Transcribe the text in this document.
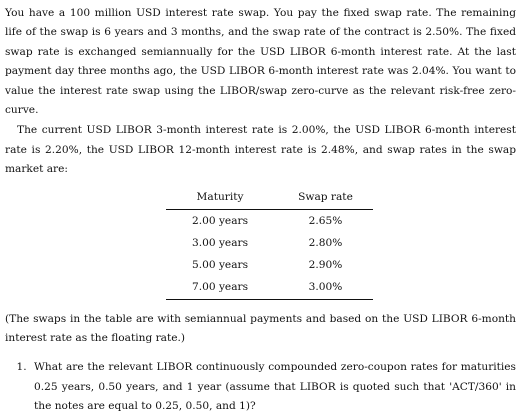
You have a 100 million USD interest rate swap. You pay the fixed swap rate. The remaining life of the swap is 6 years and 3 months, and the swap rate of the contract is 2.50%. The fixed swap rate is exchanged semiannually for the USD LIBOR 6-month interest rate. At the last payment day three months ago, the USD LIBOR 6-month interest rate was 2.04%. You want to value the interest rate swap using the LIBOR/swap zero-curve as the relevant risk-free zero-curve.

The current USD LIBOR 3-month interest rate is 2.00%, the USD LIBOR 6-month interest rate is 2.20%, the USD LIBOR 12-month interest rate is 2.48%, and swap rates in the swap market are:

Maturity		Swap rate
2.00 years		2.65%
3.00 years		2.80%
5.00 years		2.90%
7.00 years		3.00%

(The swaps in the table are with semiannual payments and based on the USD LIBOR 6-month interest rate as the floating rate.)

1. What are the relevant LIBOR continuously compounded zero-coupon rates for maturities 0.25 years, 0.50 years, and 1 year (assume that LIBOR is quoted such that 'ACT/360' in the notes are equal to 0.25, 0.50, and 1)?
